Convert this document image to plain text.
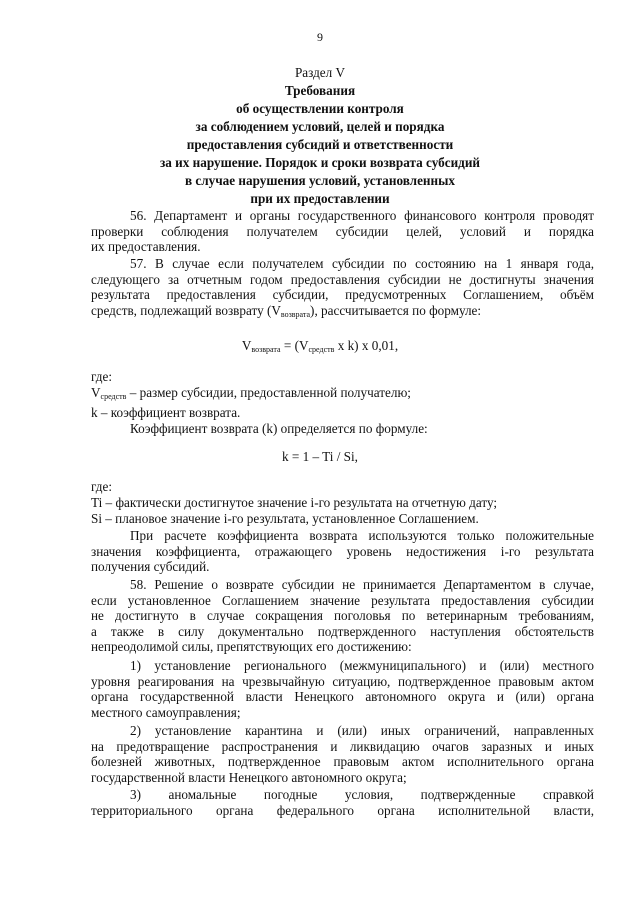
9
Раздел V
Требования
об осуществлении контроля
за соблюдением условий, целей и порядка
предоставления субсидий и ответственности
за их нарушение. Порядок и сроки возврата субсидий
в случае нарушения условий, установленных
при их предоставлении
56. Департамент и органы государственного финансового контроля проводят
проверки соблюдения получателем субсидии целей, условий и порядка
их предоставления.
57. В случае если получателем субсидии по состоянию на 1 января года,
следующего за отчетным годом предоставления субсидии не достигнуты значения
результата предоставления субсидии, предусмотренных Соглашением, объём
средств, подлежащий возврату $(V_{возврата})$, рассчитывается по формуле:
$V_{возврата} = (V_{средств}$ x k) x 0,01,
где:
$V_{средств}$ – размер субсидии, предоставленной получателю;
k – коэффициент возврата.
Коэффициент возврата (k) определяется по формуле:
k = 1 – Ti / Si,
где:
Ti – фактически достигнутое значение i-го результата на отчетную дату;
Si – плановое значение i-го результата, установленное Соглашением.
При расчете коэффициента возврата используются только положительные
значения коэффициента, отражающего уровень недостижения i-го результата
получения субсидий.
58. Решение о возврате субсидии не принимается Департаментом в случае,
если установленное Соглашением значение результата предоставления субсидии
не достигнуто в случае сокращения поголовья по ветеринарным требованиям,
а также в силу документально подтвержденного наступления обстоятельств
непреодолимой силы, препятствующих его достижению:
1) установление регионального (межмуниципального) и (или) местного
уровня реагирования на чрезвычайную ситуацию, подтвержденное правовым актом
органа государственной власти Ненецкого автономного округа и (или) органа
местного самоуправления;
2) установление карантина и (или) иных ограничений, направленных
на предотвращение распространения и ликвидацию очагов заразных и иных
болезней животных, подтвержденное правовым актом исполнительного органа
государственной власти Ненецкого автономного округа;
3) аномальные погодные условия, подтвержденные справкой
территориального органа федерального органа исполнительной власти,
